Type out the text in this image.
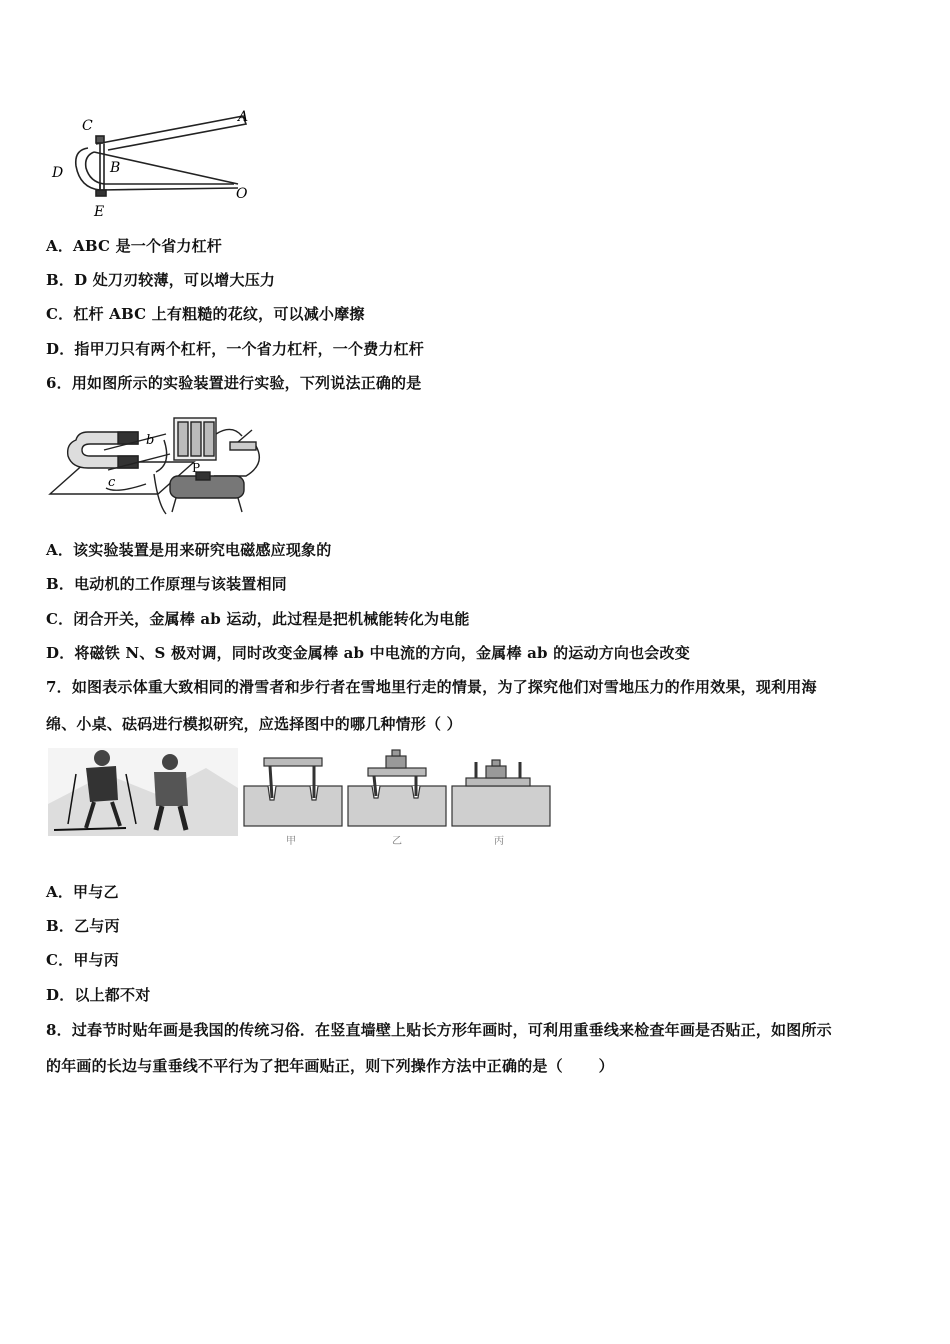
C
A
B
D
O
E
A．ABC 是一个省力杠杆
B．D 处刀刃较薄，可以增大压力
C．杠杆 ABC 上有粗糙的花纹，可以减小摩擦
D．指甲刀只有两个杠杆，一个省力杠杆，一个费力杠杆
6．用如图所示的实验装置进行实验，下列说法正确的是
b
c
P
A．该实验装置是用来研究电磁感应现象的
B．电动机的工作原理与该装置相同
C．闭合开关，金属棒 ab 运动，此过程是把机械能转化为电能
D．将磁铁 N、S 极对调，同时改变金属棒 ab 中电流的方向，金属棒 ab 的运动方向也会改变
7．如图表示体重大致相同的滑雪者和步行者在雪地里行走的情景，为了探究他们对雪地压力的作用效果，现利用海
绵、小桌、砝码进行模拟研究，应选择图中的哪几种情形（ ）
甲	乙	丙
A．甲与乙
B．乙与丙
C．甲与丙
D．以上都不对
8．过春节时贴年画是我国的传统习俗．在竖直墙壁上贴长方形年画时，可利用重垂线来检查年画是否贴正，如图所示
的年画的长边与重垂线不平行为了把年画贴正，则下列操作方法中正确的是（　　 ）
